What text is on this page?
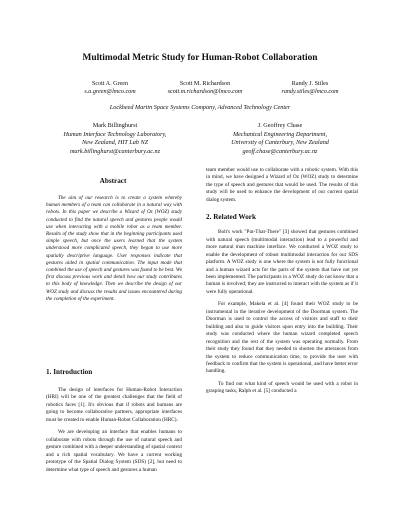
Multimodal Metric Study for Human-Robot Collaboration
Scott A. Green
s.a.green@lmco.com
Scott M. Richardson
scott.m.richardson@lmco.com
Randy J. Stiles
randy.stiles@lmco.com
Lockheed Martin Space Systems Company, Advanced Technology Center
Mark Billinghurst
Human Interface Technology Laboratory,
New Zealand, HIT Lab NZ
mark.billinghurst@canterbury.ac.nz
J. Geoffrey Chase
Mechanical Engineering Department,
University of Canterbury, New Zealand
geoff.chase@canterbury.ac.nz
Abstract

The aim of our research is to create a system whereby human members of a team can collaborate in a natural way with robots. In this paper we describe a Wizard of Oz (WOZ) study conducted to find the natural speech and gestures people would use when interacting with a mobile robot as a team member. Results of the study show that in the beginning participants used simple speech, but once the users learned that the system understood more complicated speech, they began to use more spatially descriptive language. User responses indicate that gestures aided in spatial communication. The input mode that combined the use of speech and gestures was found to be best. We first discuss previous work and detail how our study contributes to this body of knowledge. Then we describe the design of our WOZ study and discuss the results and issues encountered during the completion of the experiment.

1. Introduction

The design of interfaces for Human-Robot Interaction (HRI) will be one of the greatest challenges that the field of robotics faces [1]. It's obvious that if robots and humans are going to become collaborative partners, appropriate interfaces must be created to enable Human-Robot Collaboration (HRC).

We are developing an interface that enables humans to collaborate with robots through the use of natural speech and gesture combined with a deeper understanding of spatial context and a rich spatial vocabulary. We have a current working prototype of the Spatial Dialog System (SDS) [2], but need to determine what type of speech and gestures a human

team member would use to collaborate with a robotic system. With this in mind, we have designed a Wizard of Oz (WOZ) study to determine the type of speech and gestures that would be used. The results of this study will be used to enhance the development of our current spatial dialog system.

2. Related Work

Bolt's work "Put-That-There" [3] showed that gestures combined with natural speech (multimodal interaction) lead to a powerful and more natural man machine interface. We conducted a WOZ study to enable the development of robust multimodal interaction for our SDS platform. A WOZ study is one where the system is not fully functional and a human wizard acts for the parts of the system that have not yet been implemented. The participants in a WOZ study do not know that a human is involved; they are instructed to interact with the system as if it were fully operational.

For example, Makela et al. [4] found their WOZ study to be instrumental in the iterative development of the Doorman system. The Doorman is used to control the access of visitors and staff to their building and also to guide visitors upon entry into the building. Their study was conducted where the human wizard completed speech recognition and the rest of the system was operating normally. From their study they found that they needed to shorten the utterances from the system to reduce communication time, to provide the user with feedback to confirm that the system is operational, and have better error handling.

To find out what kind of speech would be used with a robot in grasping tasks, Ralph et al. [5] conducted a
